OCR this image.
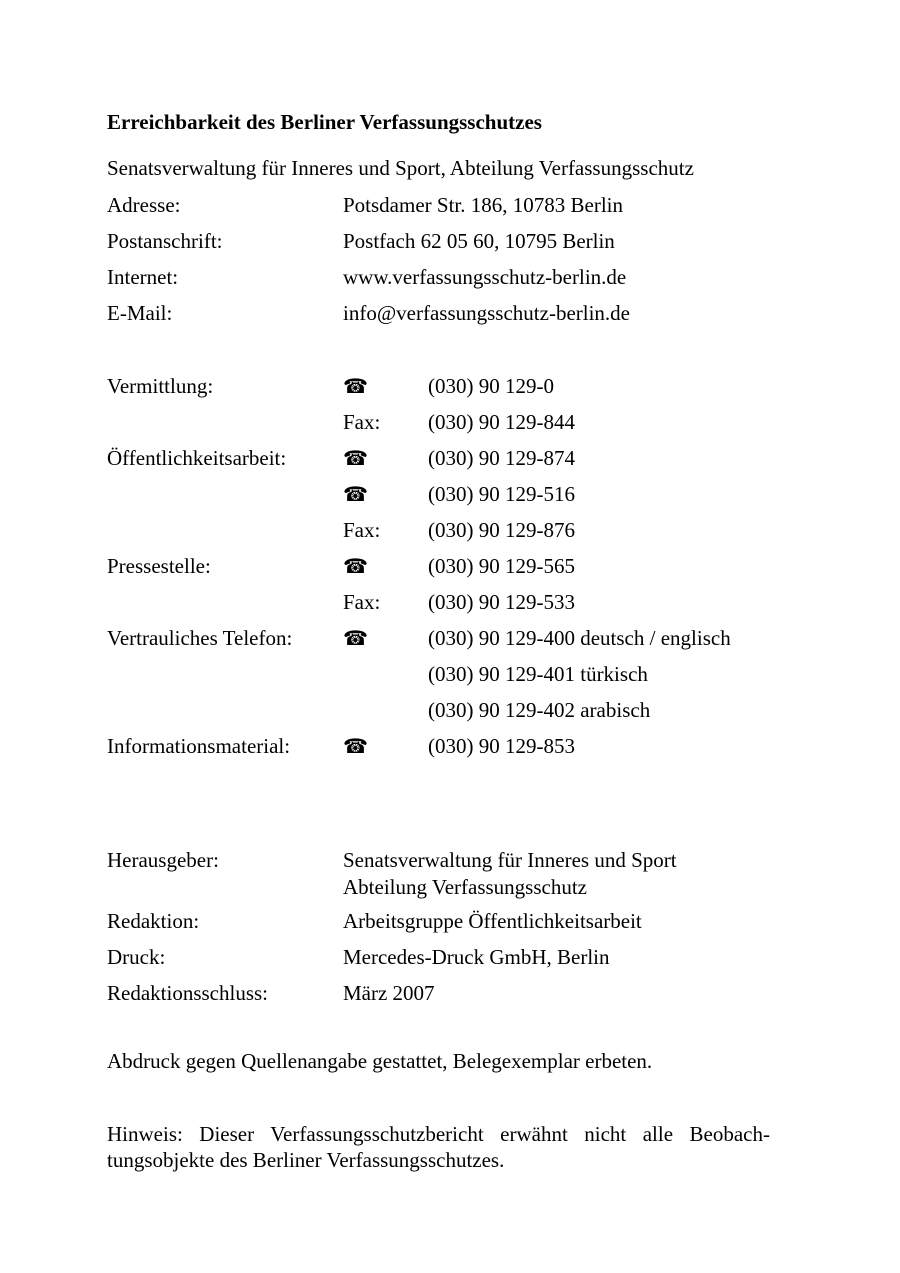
Erreichbarkeit des Berliner Verfassungsschutzes
Senatsverwaltung für Inneres und Sport, Abteilung Verfassungsschutz
Adresse:	Potsdamer Str. 186, 10783 Berlin
Postanschrift:	Postfach 62 05 60, 10795 Berlin
Internet:	www.verfassungsschutz-berlin.de
E-Mail:	info@verfassungsschutz-berlin.de
Vermittlung:	☎	(030) 90 129-0
Fax: (030) 90 129-844
Öffentlichkeitsarbeit:	☎	(030) 90 129-874
☎	(030) 90 129-516
Fax: (030) 90 129-876
Pressestelle:	☎	(030) 90 129-565
Fax: (030) 90 129-533
Vertrauliches Telefon:	☎	(030) 90 129-400 deutsch / englisch
(030) 90 129-401 türkisch
(030) 90 129-402 arabisch
Informationsmaterial:	☎	(030) 90 129-853
Herausgeber:	Senatsverwaltung für Inneres und Sport
Abteilung Verfassungsschutz
Redaktion:	Arbeitsgruppe Öffentlichkeitsarbeit
Druck:	Mercedes-Druck GmbH, Berlin
Redaktionsschluss:	März 2007
Abdruck gegen Quellenangabe gestattet, Belegexemplar erbeten.
Hinweis: Dieser Verfassungsschutzbericht erwähnt nicht alle Beobach-tungsobjekte des Berliner Verfassungsschutzes.
